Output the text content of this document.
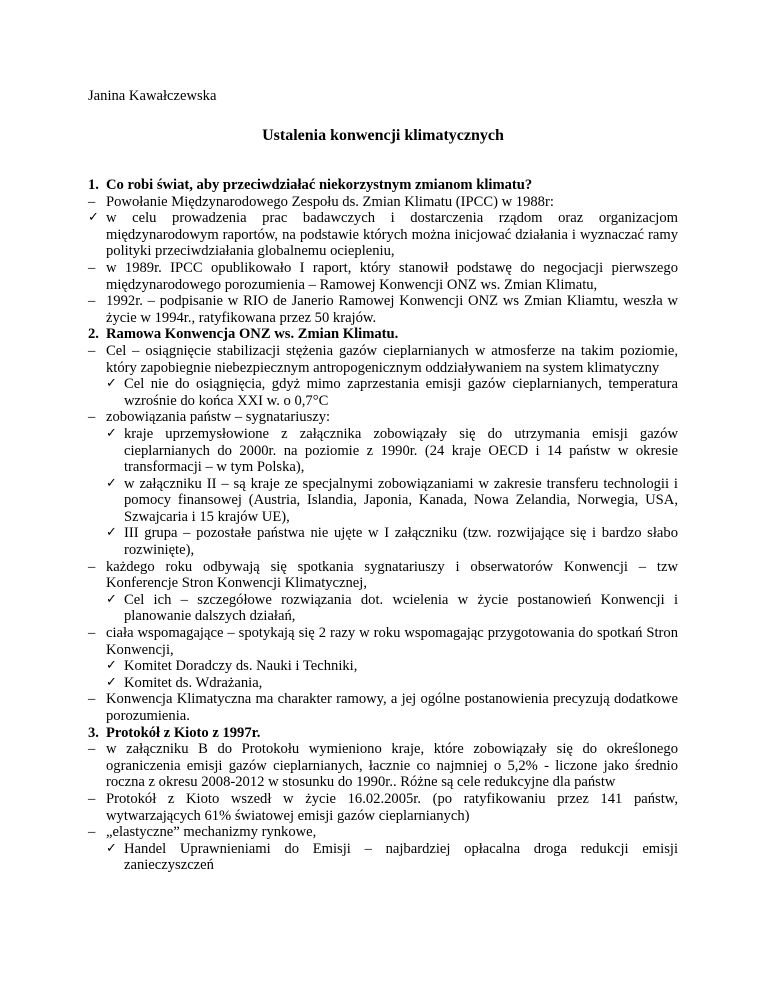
Janina Kawałczewska
Ustalenia konwencji klimatycznych
1. Co robi świat, aby przeciwdziałać niekorzystnym zmianom klimatu?
– Powołanie Międzynarodowego Zespołu ds. Zmian Klimatu (IPCC) w 1988r:
✓ w celu prowadzenia prac badawczych i dostarczenia rządom oraz organizacjom międzynarodowym raportów, na podstawie których można inicjować działania i wyznaczać ramy polityki przeciwdziałania globalnemu ociepleniu,
– w 1989r. IPCC opublikowało I raport, który stanowił podstawę do negocjacji pierwszego międzynarodowego porozumienia – Ramowej Konwencji ONZ ws. Zmian Klimatu,
– 1992r. – podpisanie w RIO de Janerio Ramowej Konwencji ONZ ws Zmian Kliamtu, weszła w życie w 1994r., ratyfikowana przez 50 krajów.
2. Ramowa Konwencja ONZ ws. Zmian Klimatu.
– Cel – osiągnięcie stabilizacji stężenia gazów cieplarnianych w atmosferze na takim poziomie, który zapobiegnie niebezpiecznym antropogenicznym oddziaływaniem na system klimatyczny
✓ Cel nie do osiągnięcia, gdyż mimo zaprzestania emisji gazów cieplarnianych, temperatura wzrośnie do końca XXI w. o 0,7°C
– zobowiązania państw – sygnatariuszy:
✓ kraje uprzemysłowione z załącznika zobowiązały się do utrzymania emisji gazów cieplarnianych do 2000r. na poziomie z 1990r. (24 kraje OECD i 14 państw w okresie transformacji – w tym Polska),
✓ w załączniku II – są kraje ze specjalnymi zobowiązaniami w zakresie transferu technologii i pomocy finansowej (Austria, Islandia, Japonia, Kanada, Nowa Zelandia, Norwegia, USA, Szwajcaria i 15 krajów UE),
✓ III grupa – pozostałe państwa nie ujęte w I załączniku (tzw. rozwijające się i bardzo słabo rozwinięte),
– każdego roku odbywają się spotkania sygnatariuszy i obserwatorów Konwencji – tzw Konferencje Stron Konwencji Klimatycznej,
✓ Cel ich – szczegółowe rozwiązania dot. wcielenia w życie postanowień Konwencji i planowanie dalszych działań,
– ciała wspomagające – spotykają się 2 razy w roku wspomagając przygotowania do spotkań Stron Konwencji,
✓ Komitet Doradczy ds. Nauki i Techniki,
✓ Komitet ds. Wdrażania,
– Konwencja Klimatyczna ma charakter ramowy, a jej ogólne postanowienia precyzują dodatkowe porozumienia.
3. Protokół z Kioto z 1997r.
– w załączniku B do Protokołu wymieniono kraje, które zobowiązały się do określonego ograniczenia emisji gazów cieplarnianych, łacznie co najmniej o 5,2% - liczone jako średnio roczna z okresu 2008-2012 w stosunku do 1990r.. Różne są cele redukcyjne dla państw
– Protokół z Kioto wszedł w życie 16.02.2005r. (po ratyfikowaniu przez 141 państw, wytwarzających 61% światowej emisji gazów cieplarnianych)
– „elastyczne” mechanizmy rynkowe,
✓ Handel Uprawnieniami do Emisji – najbardziej opłacalna droga redukcji emisji zanieczyszczeń
